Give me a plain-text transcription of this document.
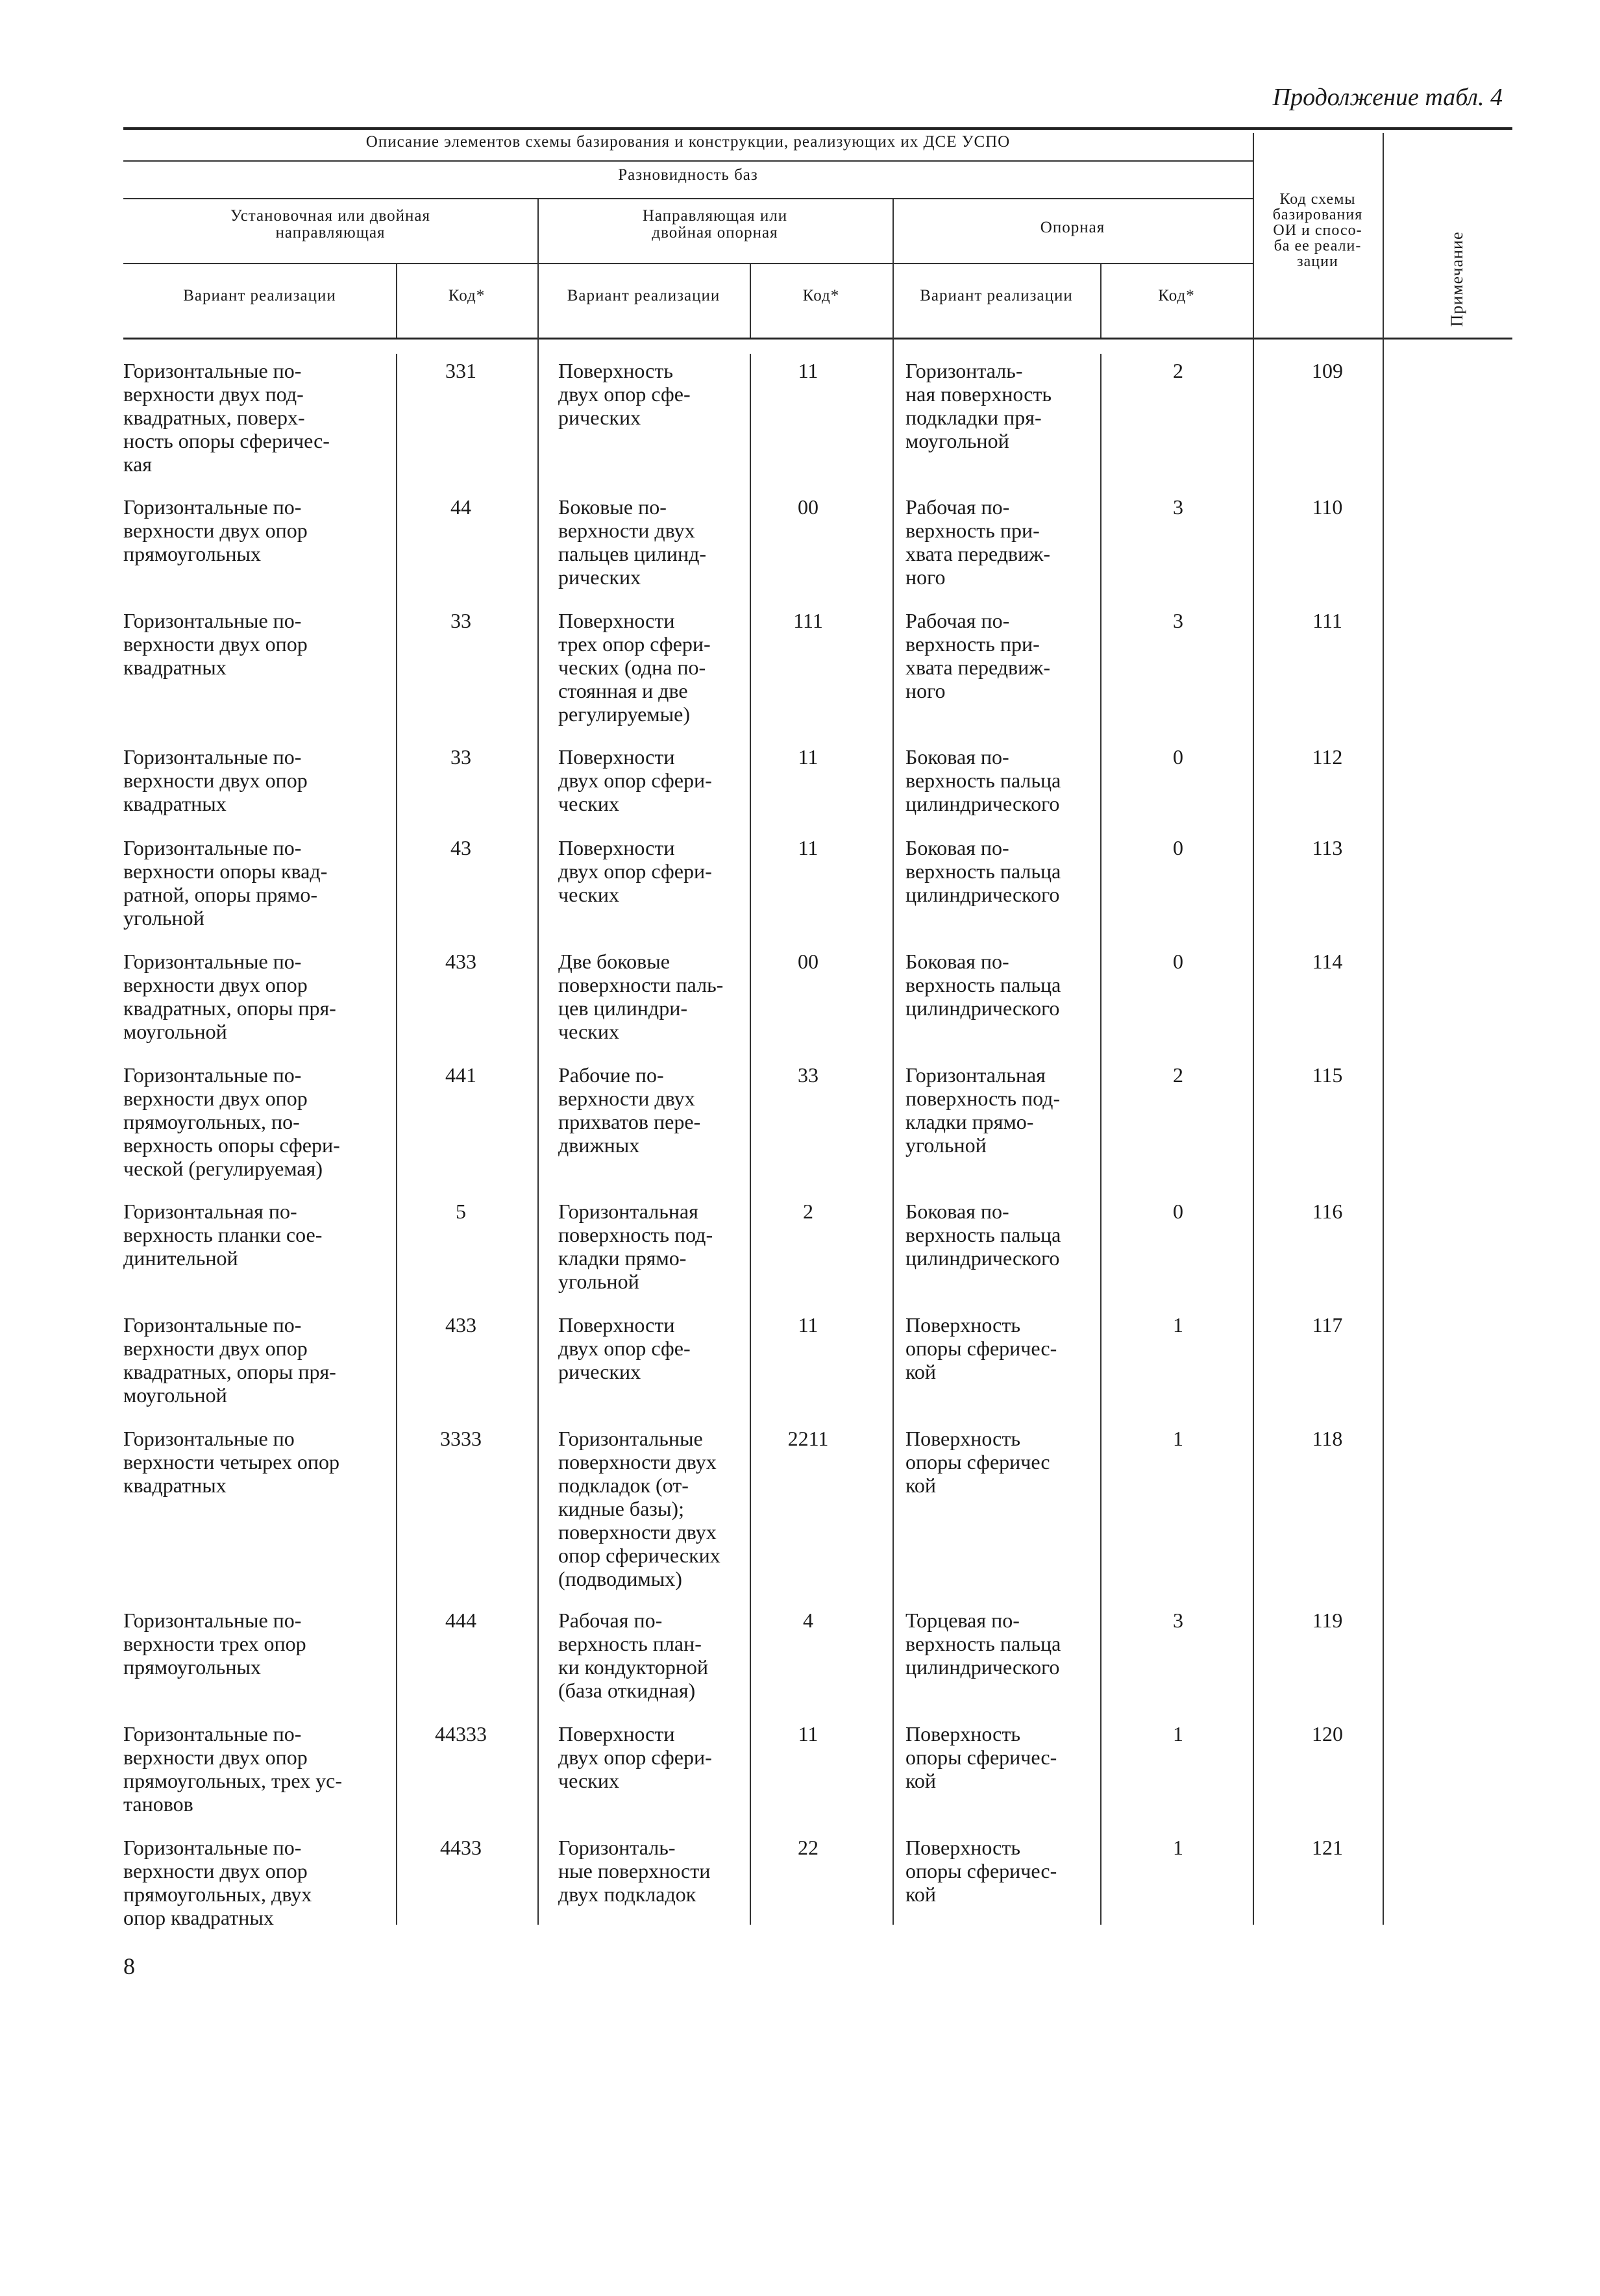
Продолжение табл. 4
Описание элементов схемы базирования и конструкции, реализующих их ДСЕ УСПО
Разновидность баз
Установочная или двойная
направляющая
Направляющая или
двойная опорная	Опорная
Вариант реализации	Код*	Вариант реализации	Код*	Вариант реализации	Код*
Код схемы
базирования
ОИ и спосо-
ба ее реали-
зации	Примечание
Горизонтальные по-
верхности двух под-
квадратных, поверх-
ность опоры сферичес-
кая
331	Поверхность
двух опор сфе-
рических
11	Горизонталь-
ная поверхность
подкладки пря-
моугольной
2	109
Горизонтальные по-
верхности двух опор
прямоугольных
44	Боковые по-
верхности двух
пальцев цилинд-
рических
00	Рабочая по-
верхность при-
хвата передвиж-
ного
3	110
Горизонтальные по-
верхности двух опор
квадратных
33	Поверхности
трех опор сфери-
ческих (одна по-
стоянная и две
регулируемые)
111	Рабочая по-
верхность при-
хвата передвиж-
ного
3	111
Горизонтальные по-
верхности двух опор
квадратных
33	Поверхности
двух опор сфери-
ческих
11	Боковая по-
верхность пальца
цилиндрического
0	112
Горизонтальные по-
верхности опоры квад-
ратной, опоры прямо-
угольной
43	Поверхности
двух опор сфери-
ческих
11	Боковая по-
верхность пальца
цилиндрического
0	113
Горизонтальные по-
верхности двух опор
квадратных, опоры пря-
моугольной
433	Две боковые
поверхности паль-
цев цилиндри-
ческих
00	Боковая по-
верхность пальца
цилиндрического
0	114
Горизонтальные по-
верхности двух опор
прямоугольных, по-
верхность опоры сфери-
ческой (регулируемая)
441	Рабочие по-
верхности двух
прихватов пере-
движных
33	Горизонтальная
поверхность под-
кладки прямо-
угольной
2	115
Горизонтальная по-
верхность планки сое-
динительной
5	Горизонтальная
поверхность под-
кладки прямо-
угольной
2	Боковая по-
верхность пальца
цилиндрического
0	116
Горизонтальные по-
верхности двух опор
квадратных, опоры пря-
моугольной
433	Поверхности
двух опор сфе-
рических
11	Поверхность
опоры сферичес-
кой
1	117
Горизонтальные по
верхности четырех опор
квадратных
3333	Горизонтальные
поверхности двух
подкладок (от-
кидные базы);
поверхности двух
опор сферических
(подводимых)
2211	Поверхность
опоры сферичес
кой
1	118
Горизонтальные по-
верхности трех опор
прямоугольных
444	Рабочая по-
верхность план-
ки кондукторной
(база откидная)
4	Торцевая по-
верхность пальца
цилиндрического
3	119
Горизонтальные по-
верхности двух опор
прямоугольных, трех ус-
тановов
44333	Поверхности
двух опор сфери-
ческих
11	Поверхность
опоры сферичес-
кой
1	120
Горизонтальные по-
верхности двух опор
прямоугольных, двух
опор квадратных
4433	Горизонталь-
ные поверхности
двух подкладок
22	Поверхность
опоры сферичес-
кой
1	121
8
